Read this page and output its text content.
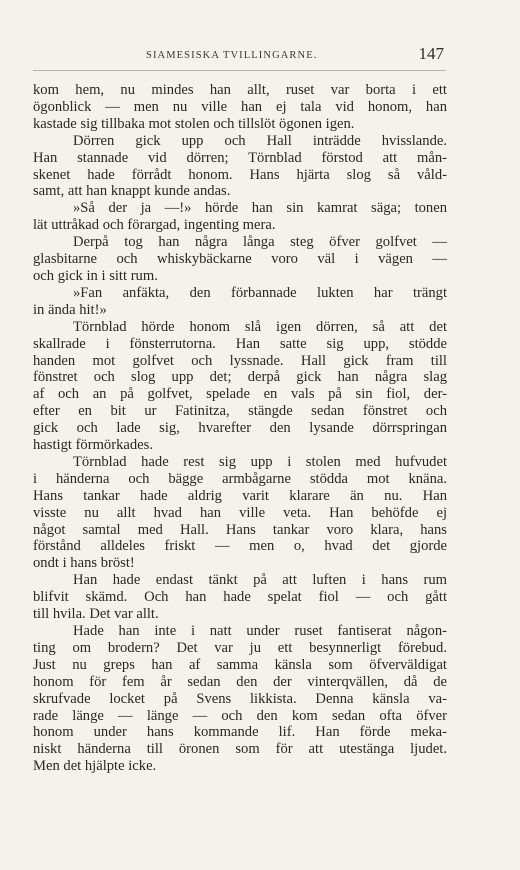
SIAMESISKA TVILLINGARNE.	147
kom hem, nu mindes han allt, ruset var borta i ett
ögonblick — men nu ville han ej tala vid honom, han
kastade sig tillbaka mot stolen och tillslöt ögonen igen.
Dörren gick upp och Hall inträdde hvisslande.
Han stannade vid dörren; Törnblad förstod att mån-
skenet hade förrådt honom. Hans hjärta slog så våld-
samt, att han knappt kunde andas.
»Så der ja —!» hörde han sin kamrat säga; tonen
lät uttråkad och förargad, ingenting mera.
Derpå tog han några långa steg öfver golfvet —
glasbitarne och whiskybäckarne voro väl i vägen —
och gick in i sitt rum.
»Fan anfäkta, den förbannade lukten har trängt
in ända hit!»
Törnblad hörde honom slå igen dörren, så att det
skallrade i fönsterrutorna. Han satte sig upp, stödde
handen mot golfvet och lyssnade. Hall gick fram till
fönstret och slog upp det; derpå gick han några slag
af och an på golfvet, spelade en vals på sin fiol, der-
efter en bit ur Fatinitza, stängde sedan fönstret och
gick och lade sig, hvarefter den lysande dörrspringan
hastigt förmörkades.
Törnblad hade rest sig upp i stolen med hufvudet
i händerna och bägge armbågarne stödda mot knäna.
Hans tankar hade aldrig varit klarare än nu. Han
visste nu allt hvad han ville veta. Han behöfde ej
något samtal med Hall. Hans tankar voro klara, hans
förstånd alldeles friskt — men o, hvad det gjorde
ondt i hans bröst!
Han hade endast tänkt på att luften i hans rum
blifvit skämd. Och han hade spelat fiol — och gått
till hvila. Det var allt.
Hade han inte i natt under ruset fantiserat någon-
ting om brodern? Det var ju ett besynnerligt förebud.
Just nu greps han af samma känsla som öfverväldigat
honom för fem år sedan den der vinterqvällen, då de
skrufvade locket på Svens likkista. Denna känsla va-
rade länge — länge — och den kom sedan ofta öfver
honom under hans kommande lif. Han förde meka-
niskt händerna till öronen som för att utestänga ljudet.
Men det hjälpte icke.
